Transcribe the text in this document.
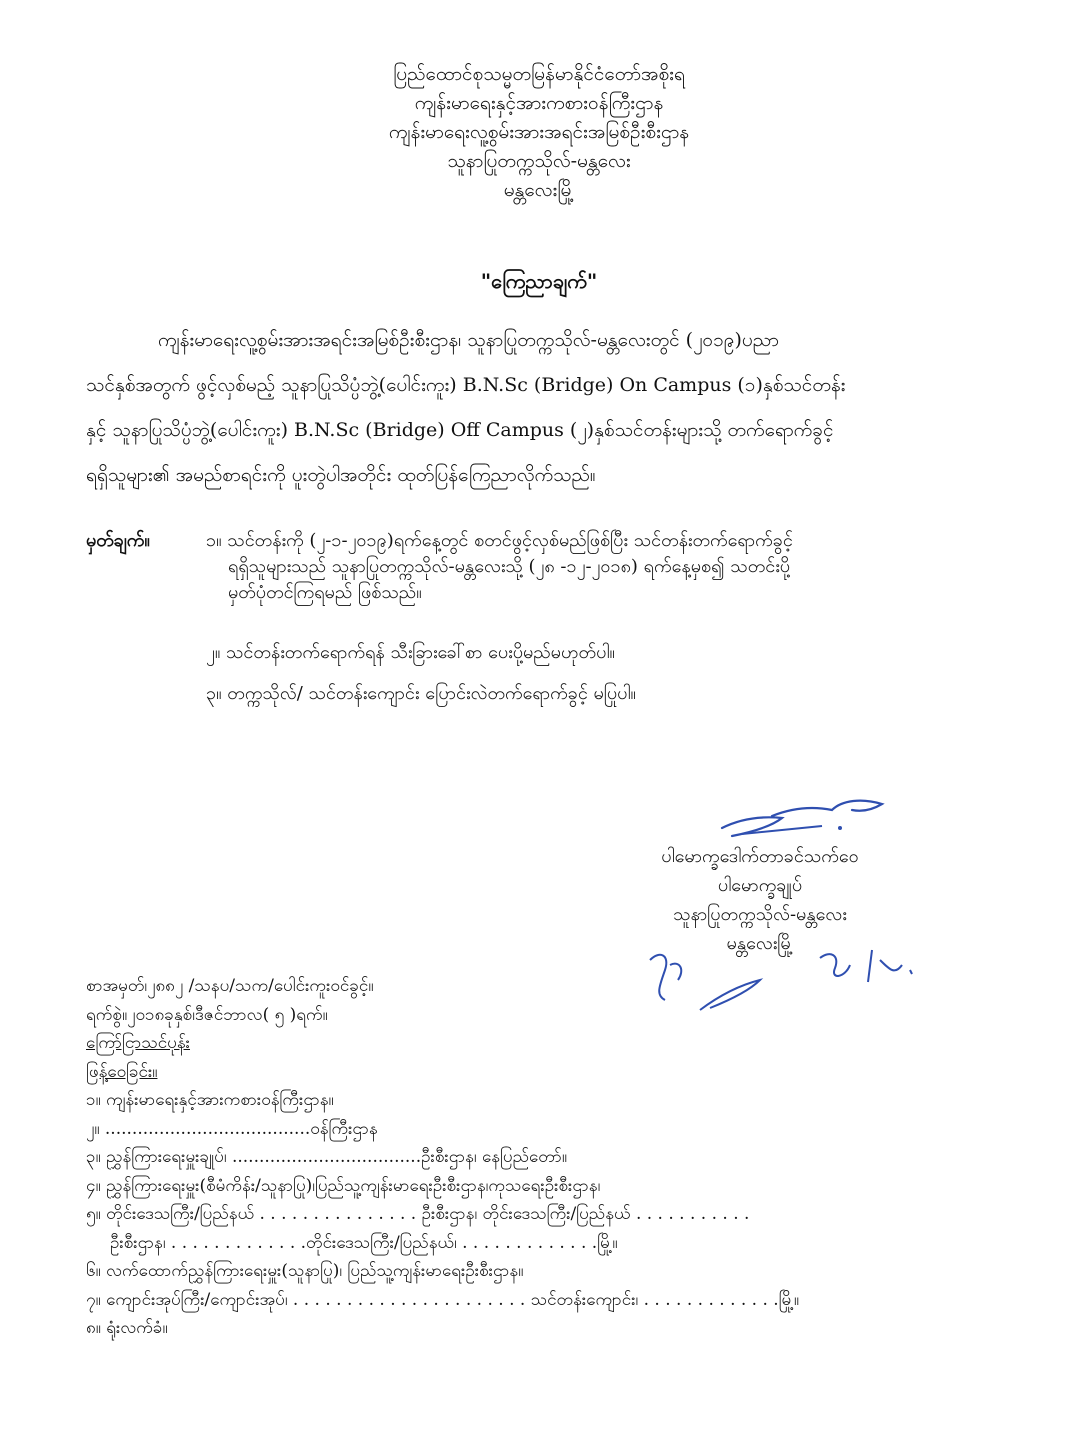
ပြည်ထောင်စုသမ္မတမြန်မာနိုင်ငံတော်အစိုးရ
ကျန်းမာရေးနှင့်အားကစားဝန်ကြီးဌာန
ကျန်းမာရေးလူ့စွမ်းအားအရင်းအမြစ်ဦးစီးဌာန
သူနာပြုတက္ကသိုလ်-မန္တလေး
မန္တလေးမြို့
"ကြေညာချက်"
ကျန်းမာရေးလူ့စွမ်းအားအရင်းအမြစ်ဦးစီးဌာန၊ သူနာပြုတက္ကသိုလ်-မန္တလေးတွင် (၂၀၁၉)ပညာ
သင်နှစ်အတွက် ဖွင့်လှစ်မည့် သူနာပြုသိပ္ပံဘွဲ့(ပေါင်းကူး) B.N.Sc (Bridge) On Campus (၁)နှစ်သင်တန်း
နှင့် သူနာပြုသိပ္ပံဘွဲ့(ပေါင်းကူး) B.N.Sc (Bridge) Off Campus (၂)နှစ်သင်တန်းများသို့ တက်ရောက်ခွင့်
ရရှိသူများ၏ အမည်စာရင်းကို ပူးတွဲပါအတိုင်း ထုတ်ပြန်ကြေညာလိုက်သည်။
မှတ်ချက်။	၁။ သင်တန်းကို (၂-၁-၂၀၁၉)ရက်နေ့တွင် စတင်ဖွင့်လှစ်မည်ဖြစ်ပြီး သင်တန်းတက်ရောက်ခွင့်
ရရှိသူများသည် သူနာပြုတက္ကသိုလ်-မန္တလေးသို့ (၂၈ -၁၂-၂၀၁၈) ရက်နေ့မှစ၍ သတင်းပို့
မှတ်ပုံတင်ကြရမည် ဖြစ်သည်။
၂။ သင်တန်းတက်ရောက်ရန် သီးခြားခေါ်စာ ပေးပို့မည်မဟုတ်ပါ။
၃။ တက္ကသိုလ်/ သင်တန်းကျောင်း ပြောင်းလဲတက်ရောက်ခွင့် မပြုပါ။
ပါမောက္ခဒေါက်တာခင်သက်ဝေ
ပါမောက္ခချုပ်
သူနာပြုတက္ကသိုလ်-မန္တလေး
မန္တလေးမြို့
စာအမှတ်၊၂၈၈၂ /သနပ/သက/ပေါင်းကူးဝင်ခွင့်။
ရက်စွဲ။၂၀၁၈ခုနှစ်၊ဒီဇင်ဘာလ( ၅ )ရက်။
ကြော်ငြာသင်ပုန်း
ဖြန့်ဝေခြင်း။
၁။ ကျန်းမာရေးနှင့်အားကစားဝန်ကြီးဌာန။
၂။ ......................................ဝန်ကြီးဌာန
၃။ ညွှန်ကြားရေးမှူးချုပ်၊ ...................................ဦးစီးဌာန၊ နေပြည်တော်။
၄။ ညွှန်ကြားရေးမှူး(စီမံကိန်း/သူနာပြု)၊ပြည်သူ့ကျန်းမာရေးဦးစီးဌာန၊ကုသရေးဦးစီးဌာန၊
၅။ တိုင်းဒေသကြီး/ပြည်နယ် . . . . . . . . . . . . . . . ဦးစီးဌာန၊ တိုင်းဒေသကြီး/ပြည်နယ် . . . . . . . . . . .
ဦးစီးဌာန၊ . . . . . . . . . . . . .တိုင်းဒေသကြီး/ပြည်နယ်၊ . . . . . . . . . . . . .မြို့။
၆။ လက်ထောက်ညွှန်ကြားရေးမှူး(သူနာပြု)၊ ပြည်သူ့ကျန်းမာရေးဦးစီးဌာန။
၇။ ကျောင်းအုပ်ကြီး/ကျောင်းအုပ်၊ . . . . . . . . . . . . . . . . . . . . . . သင်တန်းကျောင်း၊ . . . . . . . . . . . . .မြို့။
၈။ ရုံးလက်ခံ။
